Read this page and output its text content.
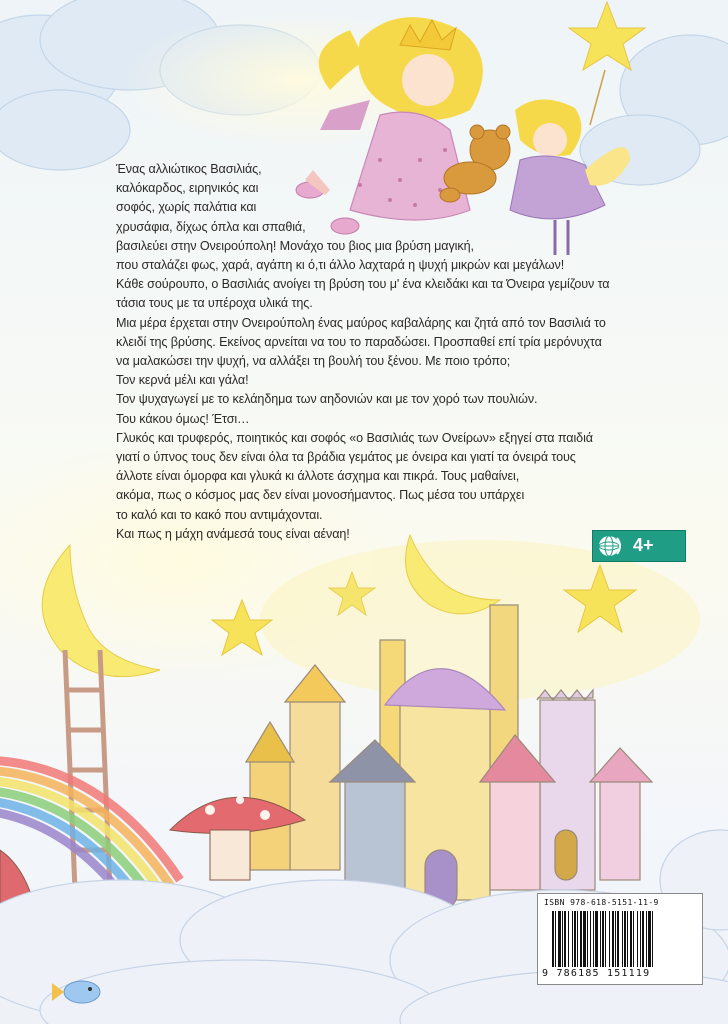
Ένας αλλιώτικος Βασιλιάς,
καλόκαρδος, ειρηνικός και
σοφός, χωρίς παλάτια και
χρυσάφια, δίχως όπλα και σπαθιά,
βασιλεύει στην Ονειρούπολη! Μονάχο του βιος μια βρύση μαγική,
που σταλάζει φως, χαρά, αγάπη κι ό,τι άλλο λαχταρά η ψυχή μικρών και μεγάλων!
Κάθε σούρουπο, ο Βασιλιάς ανοίγει τη βρύση του μ' ένα κλειδάκι και τα Όνειρα γεμίζουν τα
τάσια τους με τα υπέροχα υλικά της.
Μια μέρα έρχεται στην Ονειρούπολη ένας μαύρος καβαλάρης και ζητά από τον Βασιλιά το
κλειδί της βρύσης. Εκείνος αρνείται να του το παραδώσει. Προσπαθεί επί τρία μερόνυχτα
να μαλακώσει την ψυχή, να αλλάξει τη βουλή του ξένου. Με ποιο τρόπο;
Τον κερνά μέλι και γάλα!
Τον ψυχαγωγεί με το κελάηδημα των αηδονιών και με τον χορό των πουλιών.
Του κάκου όμως! Έτσι…
Γλυκός και τρυφερός, ποιητικός και σοφός «ο Βασιλιάς των Ονείρων» εξηγεί στα παιδιά
γιατί ο ύπνος τους δεν είναι όλα τα βράδια γεμάτος με όνειρα και γιατί τα όνειρά τους
άλλοτε είναι όμορφα και γλυκά κι άλλοτε άσχημα και πικρά. Τους μαθαίνει,
ακόμα, πως ο κόσμος μας δεν είναι μονοσήμαντος. Πως μέσα του υπάρχει
το καλό και το κακό που αντιμάχονται.
Και πως η μάχη ανάμεσά τους είναι αέναη!
4+
ISBN 978-618-5151-11-9
9 786185 151119
